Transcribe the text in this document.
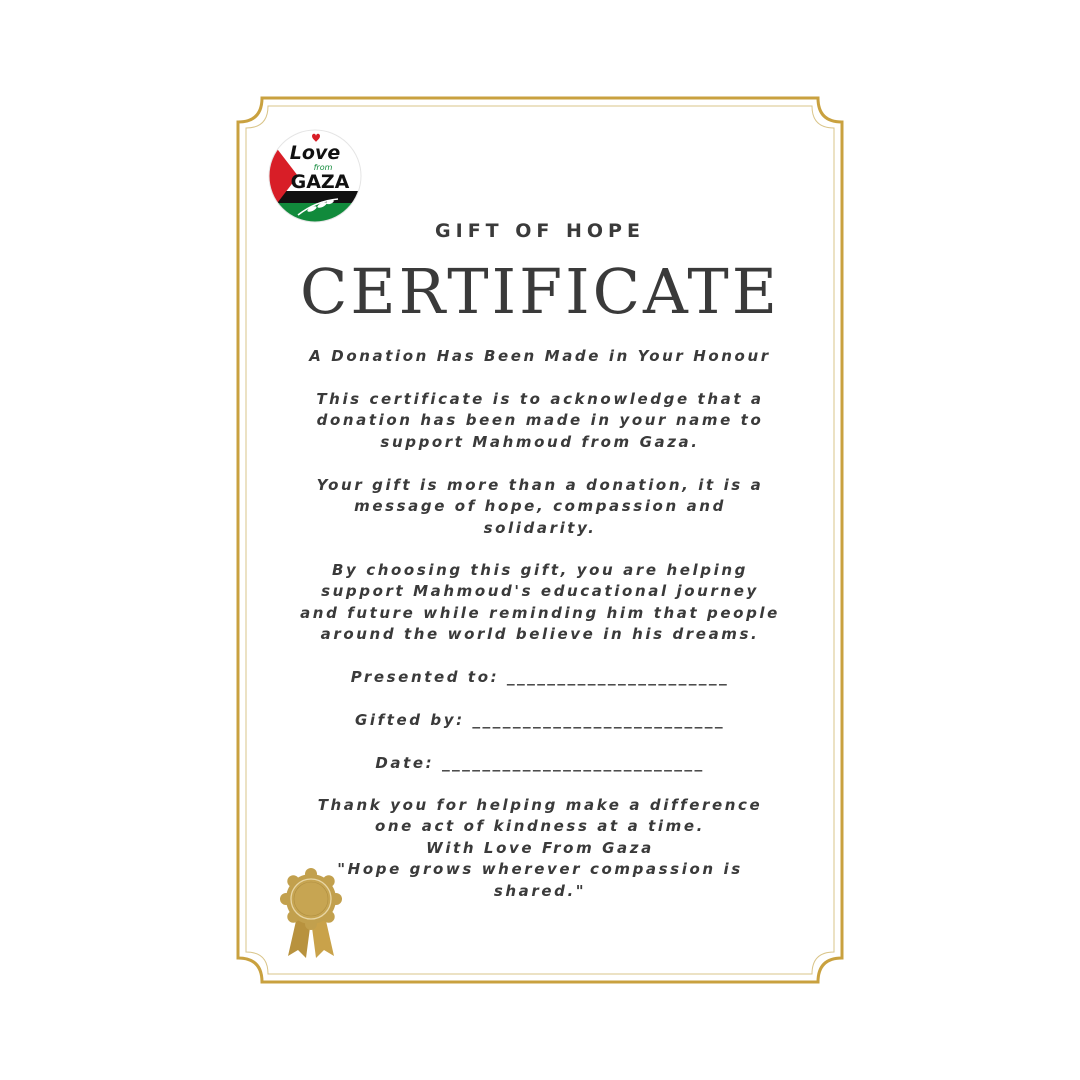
Love
from
GAZA
GIFT OF HOPE
CERTIFICATE
A Donation Has Been Made in Your Honour
This certificate is to acknowledge that a
donation has been made in your name to
support Mahmoud from Gaza.
Your gift is more than a donation, it is a
message of hope, compassion and
solidarity.
By choosing this gift, you are helping
support Mahmoud's educational journey
and future while reminding him that people
around the world believe in his dreams.
Presented to: ______________________
Gifted by: _________________________
Date: __________________________
Thank you for helping make a difference
one act of kindness at a time.
With Love From Gaza
"Hope grows wherever compassion is
shared."
